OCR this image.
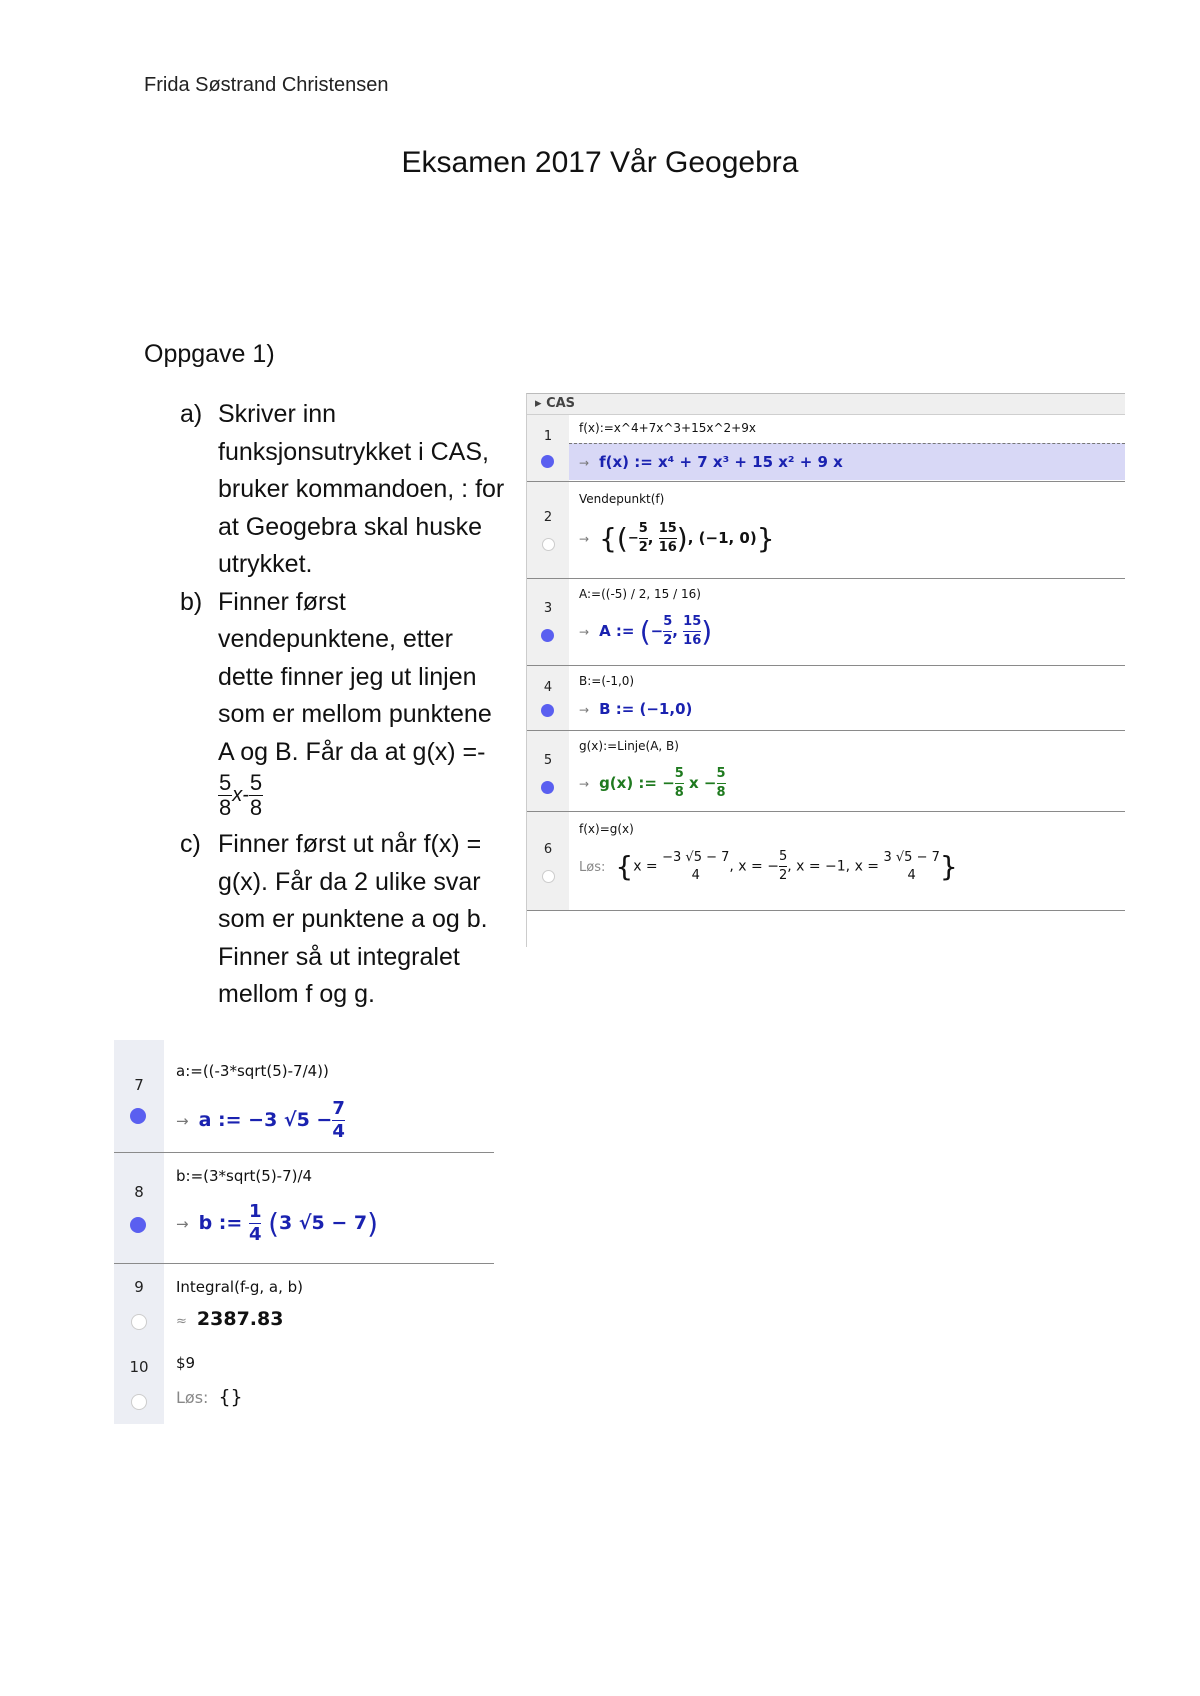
Frida Søstrand Christensen
Eksamen 2017 Vår Geogebra
Oppgave 1)
a) Skriver inn funksjonsutrykket i CAS, bruker kommandoen, : for at Geogebra skal huske utrykket.
b) Finner først vendepunktene, etter dette finner jeg ut linjen som er mellom punktene A og B. Får da at g(x) =-

$\frac{5}{8} x- \frac{5}{8}$
c) Finner først ut når f(x) = g(x). Får da 2 ulike svar som er punktene a og b. Finner så ut integralet mellom f og g.
▸ CAS
1
f(x):=x^4+7x^3+15x^2+9x
→ f(x) := x⁴ + 7 x³ + 15 x² + 9 x
2
Vendepunkt(f)
→ {(− $\frac{5}{2}$ , $\frac{15}{16}$ ), (−1, 0)}
3
A:=((-5) / 2, 15 / 16)
→ A := (− $\frac{5}{2}$ , $\frac{15}{16}$ )
4	B:=(-1,0)
→ B := (−1,0)
5
g(x):=Linje(A, B)
→ g(x) := − $\frac{5}{8}$ $x - \frac{5}{8}$
6
f(x)=g(x)
Løs: {x =
−3 √5 − 7
4
, x = − $\frac{5}{2}$ , x = −1, x =
3 √5 − 7
4 }
7
a:=((-3*sqrt(5)-7/4))
→ a := −3 $√5 - \frac{7}{4}$
8
b:=(3*sqrt(5)-7)/4
→ b := $\frac{1}{4} (3$ √5 − 7)
9	Integral(f-g, a, b)
≈ 2387.83
10	$9
Løs: {}
